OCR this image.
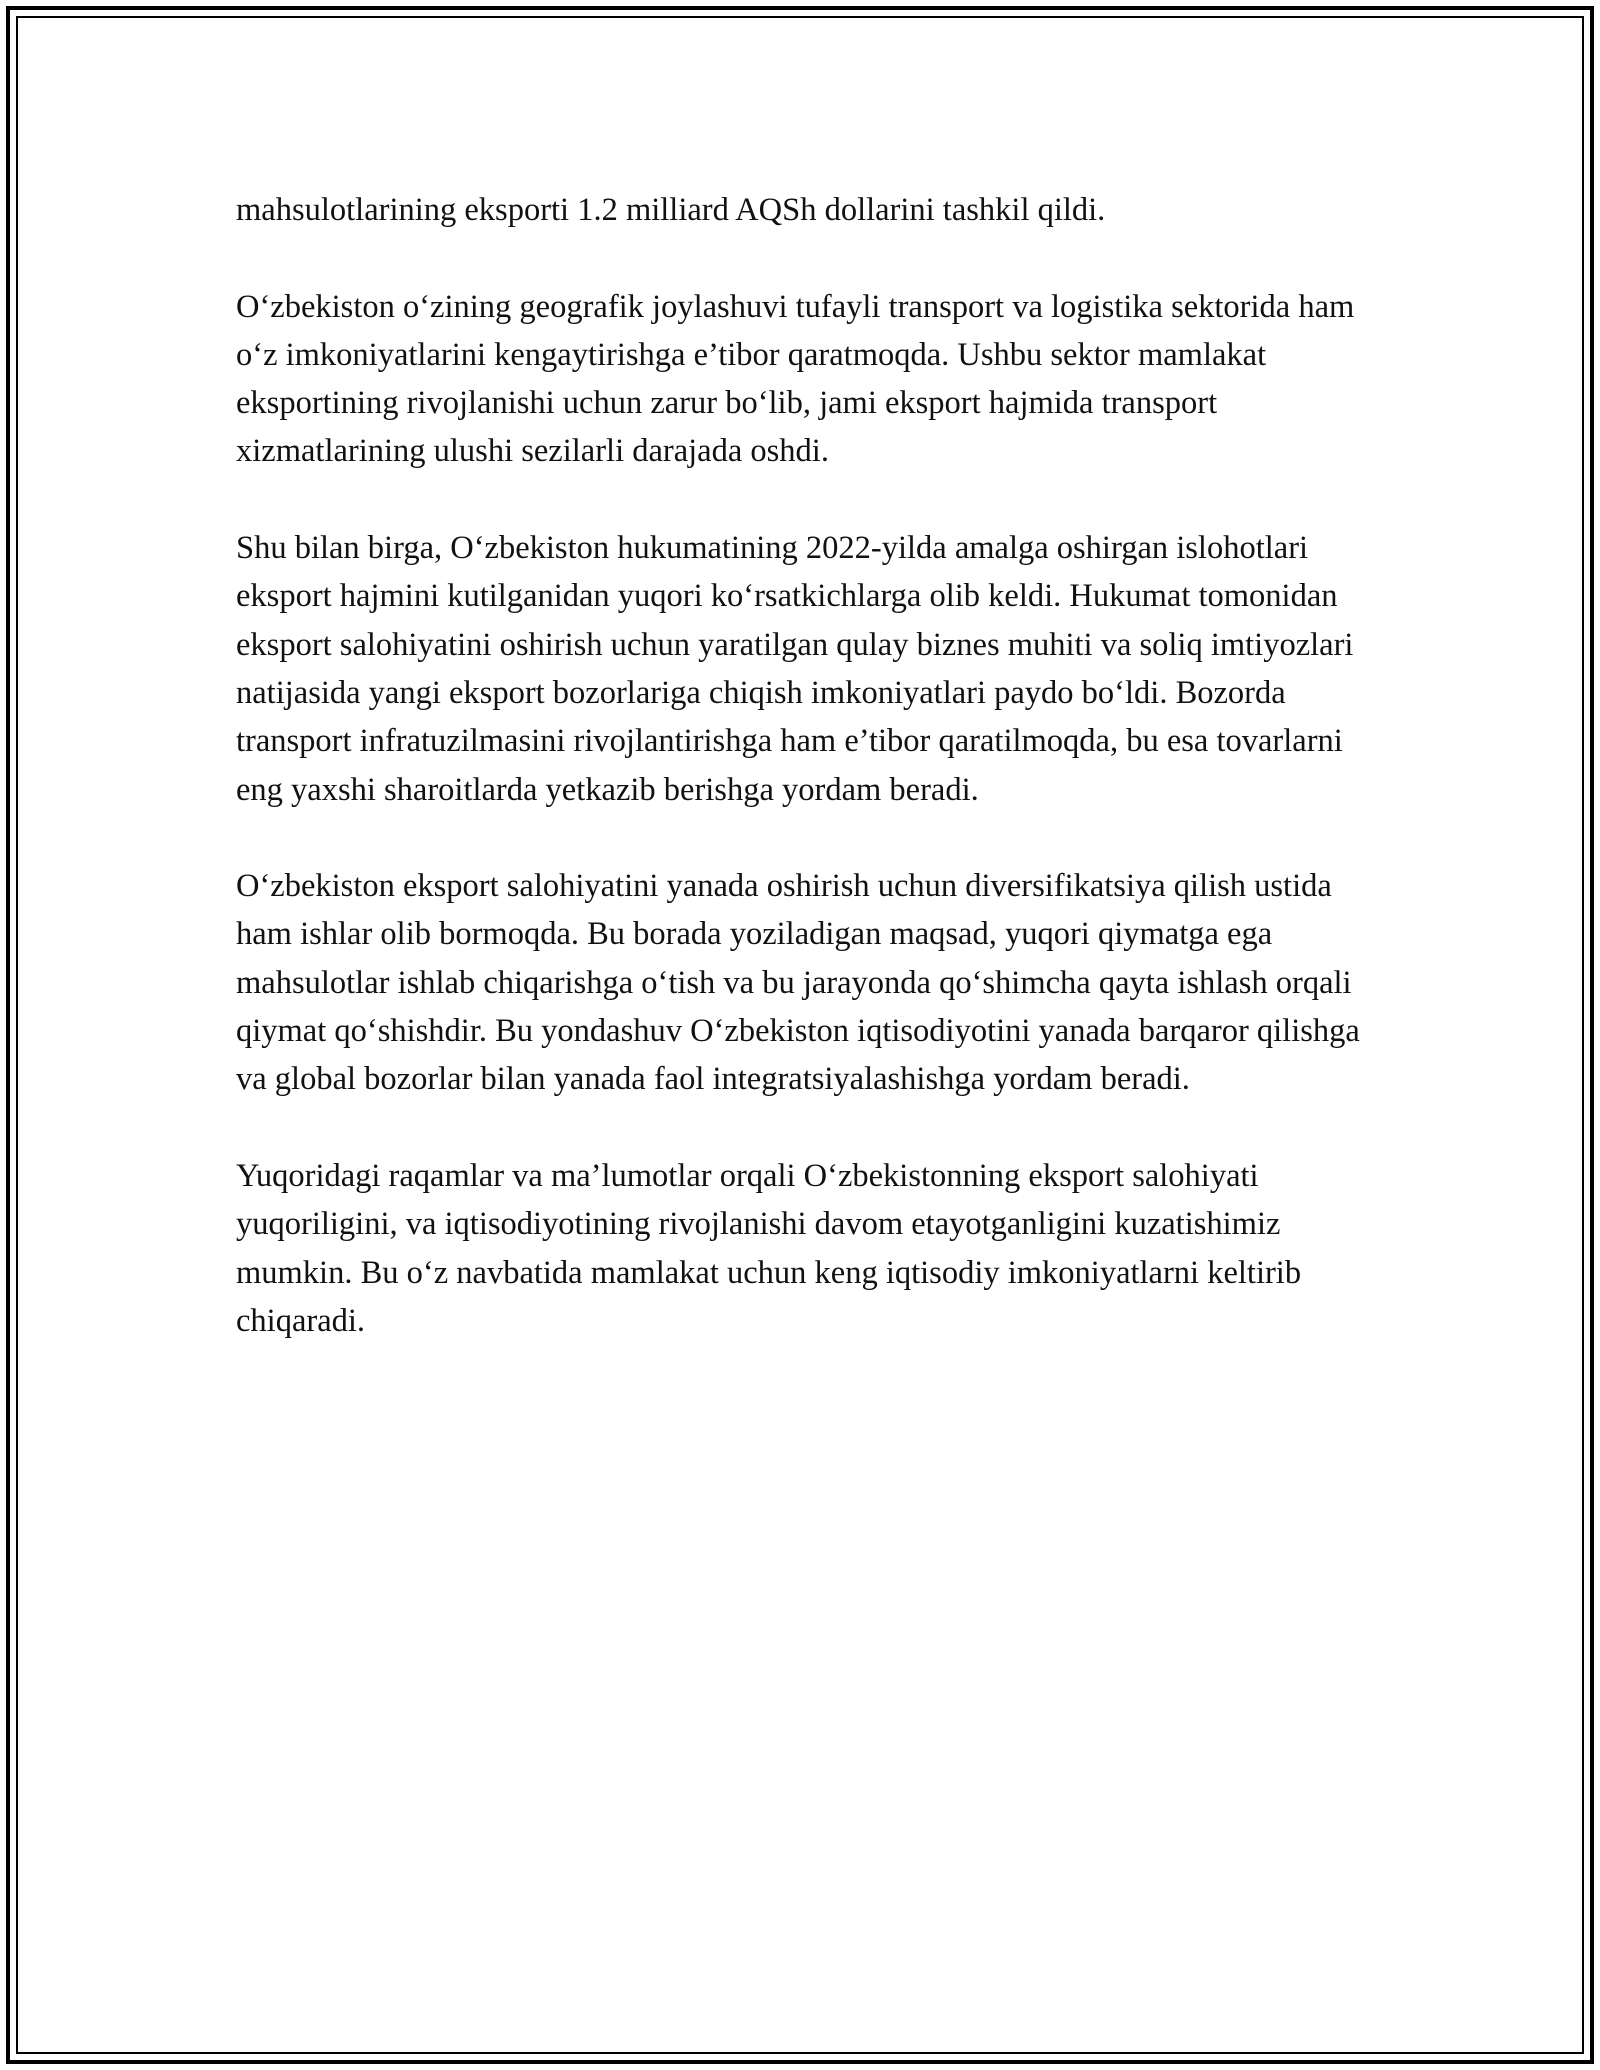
mahsulotlarining eksporti 1.2 milliard AQSh dollarini tashkil qildi.

O‘zbekiston o‘zining geografik joylashuvi tufayli transport va logistika sektorida ham o‘z imkoniyatlarini kengaytirishga e’tibor qaratmoqda. Ushbu sektor mamlakat eksportining rivojlanishi uchun zarur bo‘lib, jami eksport hajmida transport xizmatlarining ulushi sezilarli darajada oshdi.

Shu bilan birga, O‘zbekiston hukumatining 2022-yilda amalga oshirgan islohotlari eksport hajmini kutilganidan yuqori ko‘rsatkichlarga olib keldi. Hukumat tomonidan eksport salohiyatini oshirish uchun yaratilgan qulay biznes muhiti va soliq imtiyozlari natijasida yangi eksport bozorlariga chiqish imkoniyatlari paydo bo‘ldi. Bozorda transport infratuzilmasini rivojlantirishga ham e’tibor qaratilmoqda, bu esa tovarlarni eng yaxshi sharoitlarda yetkazib berishga yordam beradi.

O‘zbekiston eksport salohiyatini yanada oshirish uchun diversifikatsiya qilish ustida ham ishlar olib bormoqda. Bu borada yoziladigan maqsad, yuqori qiymatga ega mahsulotlar ishlab chiqarishga o‘tish va bu jarayonda qo‘shimcha qayta ishlash orqali qiymat qo‘shishdir. Bu yondashuv O‘zbekiston iqtisodiyotini yanada barqaror qilishga va global bozorlar bilan yanada faol integratsiyalashishga yordam beradi.

Yuqoridagi raqamlar va ma’lumotlar orqali O‘zbekistonning eksport salohiyati yuqoriligini, va iqtisodiyotining rivojlanishi davom etayotganligini kuzatishimiz mumkin. Bu o‘z navbatida mamlakat uchun keng iqtisodiy imkoniyatlarni keltirib chiqaradi.
